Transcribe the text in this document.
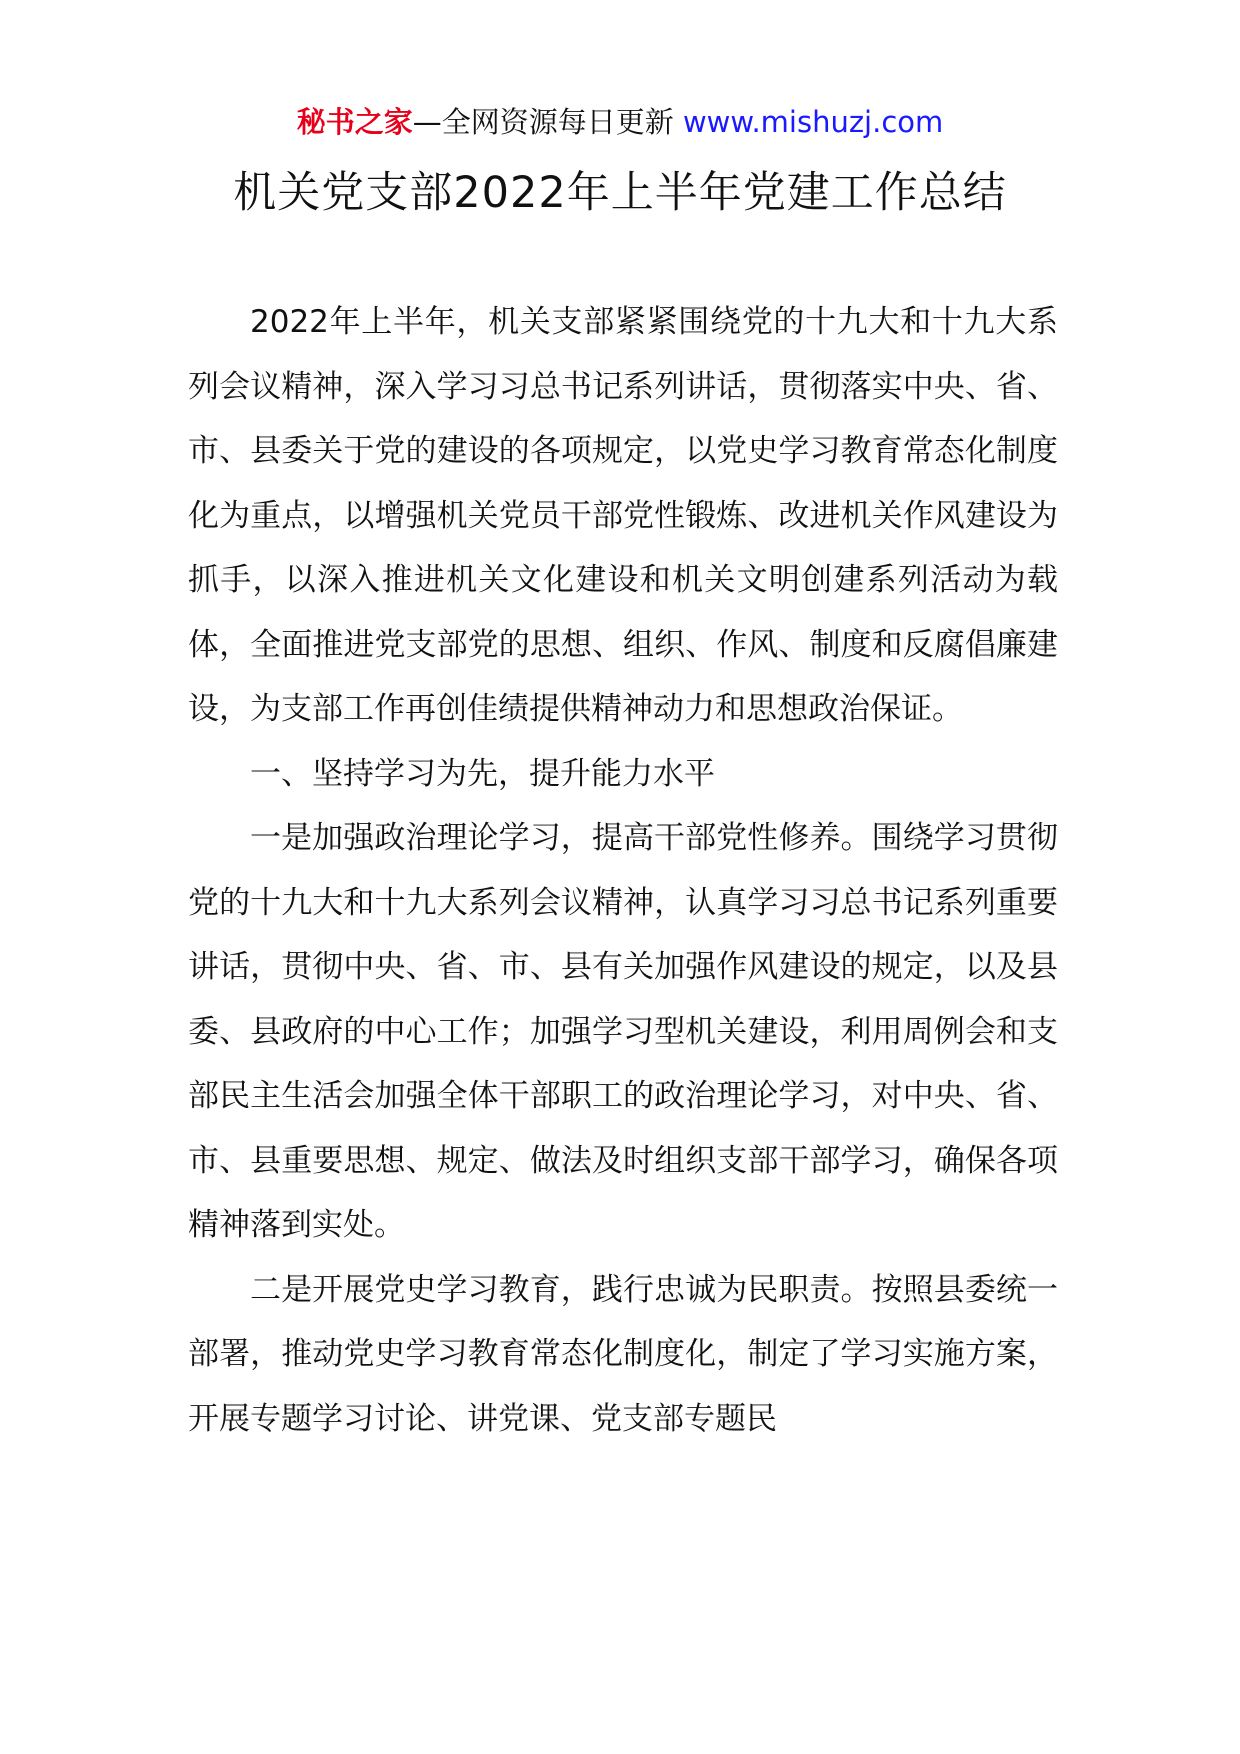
秘书之家—全网资源每日更新 www.mishuzj.com
机关党支部2022年上半年党建工作总结

2022年上半年，机关支部紧紧围绕党的十九大和十九大系列会议精神，深入学习习总书记系列讲话，贯彻落实中央、省、市、县委关于党的建设的各项规定，以党史学习教育常态化制度化为重点，以增强机关党员干部党性锻炼、改进机关作风建设为抓手，以深入推进机关文化建设和机关文明创建系列活动为载体，全面推进党支部党的思想、组织、作风、制度和反腐倡廉建设，为支部工作再创佳绩提供精神动力和思想政治保证。

一、坚持学习为先，提升能力水平

一是加强政治理论学习，提高干部党性修养。围绕学习贯彻党的十九大和十九大系列会议精神，认真学习习总书记系列重要讲话，贯彻中央、省、市、县有关加强作风建设的规定，以及县委、县政府的中心工作；加强学习型机关建设，利用周例会和支部民主生活会加强全体干部职工的政治理论学习，对中央、省、市、县重要思想、规定、做法及时组织支部干部学习，确保各项精神落到实处。

二是开展党史学习教育，践行忠诚为民职责。按照县委统一部署，推动党史学习教育常态化制度化，制定了学习实施方案，开展专题学习讨论、讲党课、党支部专题民
